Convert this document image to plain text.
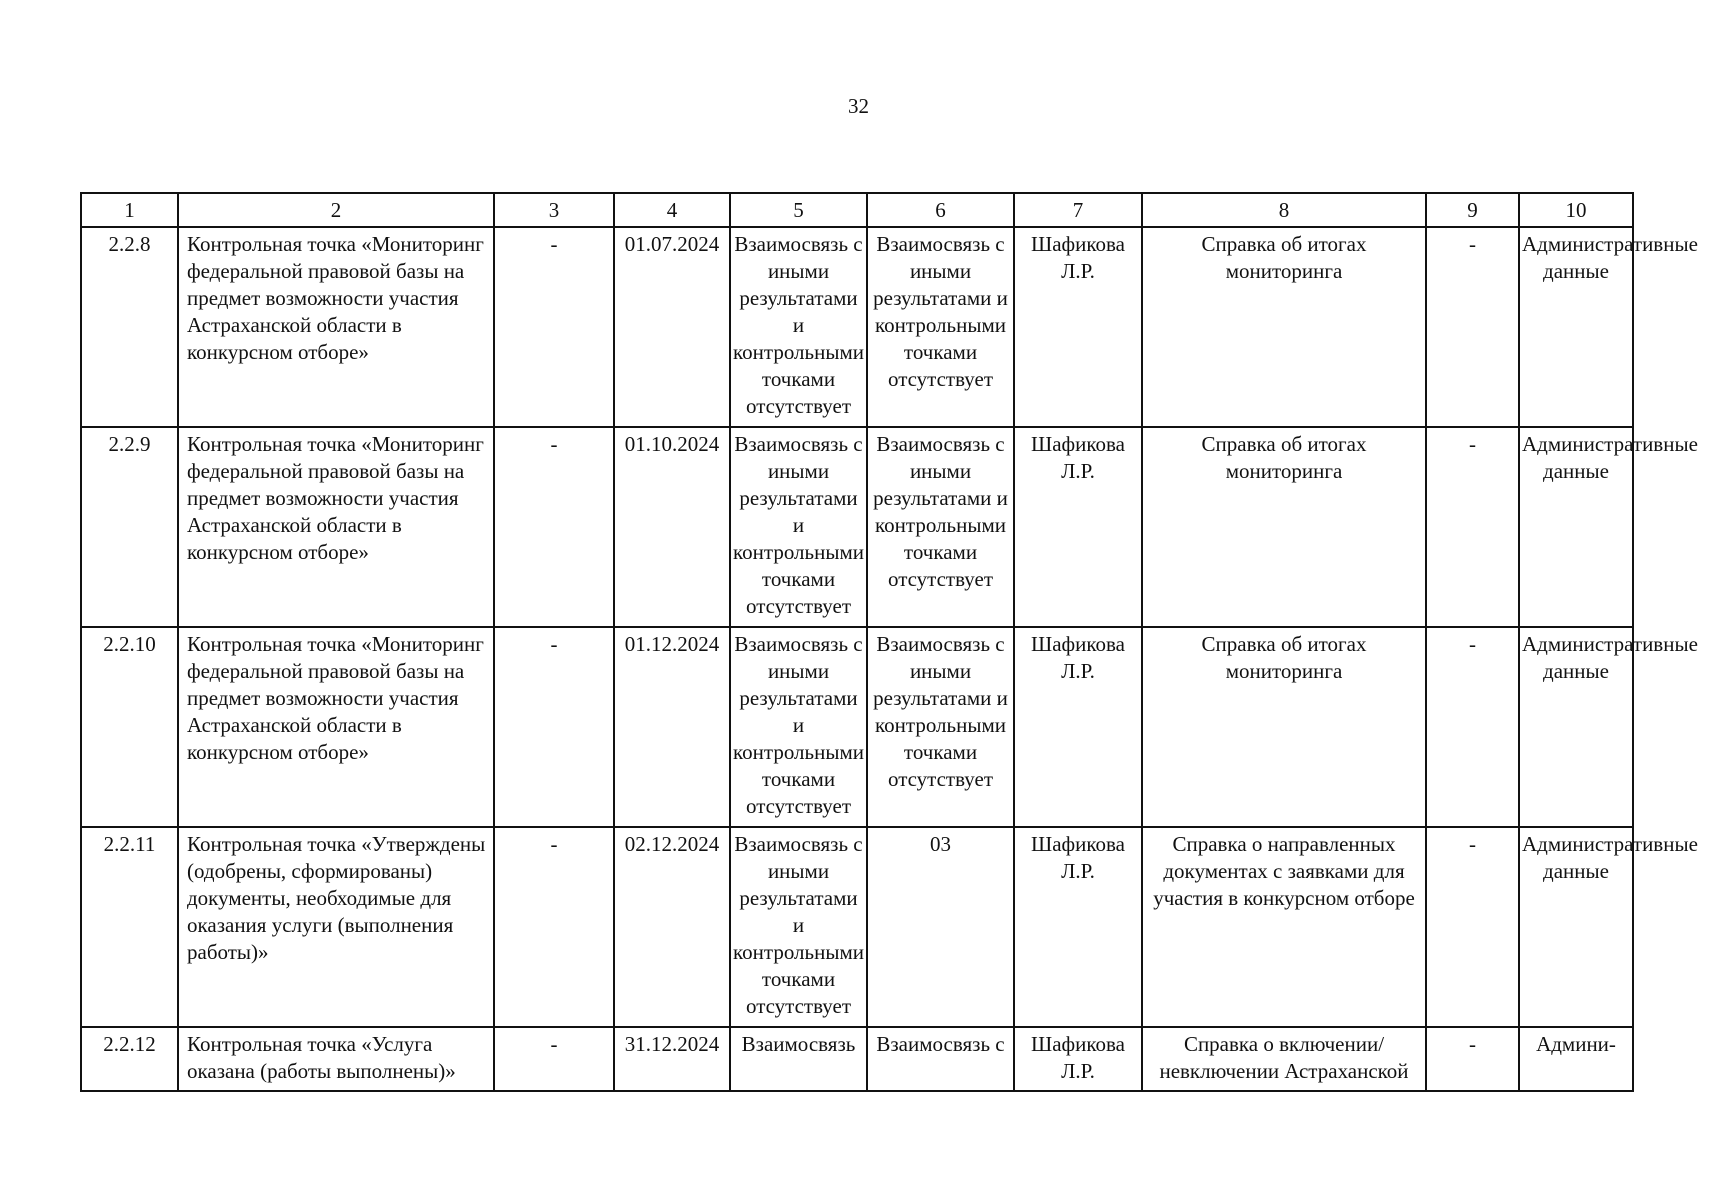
32
1	2	3	4	5	6	7	8	9	10
2.2.8	Контрольная точка «Мониторинг федеральной правовой базы на предмет возможности участия Астраханской области в конкурсном отборе»	-	01.07.2024	Взаимосвязь с иными результатами и контрольными точками отсутствует	Взаимосвязь с иными результатами и контрольными точками отсутствует	Шафикова Л.Р.	Справка об итогах мониторинга	-	Административные данные
2.2.9	Контрольная точка «Мониторинг федеральной правовой базы на предмет возможности участия Астраханской области в конкурсном отборе»	-	01.10.2024	Взаимосвязь с иными результатами и контрольными точками отсутствует	Взаимосвязь с иными результатами и контрольными точками отсутствует	Шафикова Л.Р.	Справка об итогах мониторинга	-	Административные данные
2.2.10	Контрольная точка «Мониторинг федеральной правовой базы на предмет возможности участия Астраханской области в конкурсном отборе»	-	01.12.2024	Взаимосвязь с иными результатами и контрольными точками отсутствует	Взаимосвязь с иными результатами и контрольными точками отсутствует	Шафикова Л.Р.	Справка об итогах мониторинга	-	Административные данные
2.2.11	Контрольная точка «Утверждены (одобрены, сформированы) документы, необходимые для оказания услуги (выполнения работы)»	-	02.12.2024	Взаимосвязь с иными результатами и контрольными точками отсутствует	03	Шафикова Л.Р.	Справка о направленных документах с заявками для участия в конкурсном отборе	-	Административные данные
2.2.12	Контрольная точка «Услуга оказана (работы выполнены)»	-	31.12.2024	Взаимосвязь	Взаимосвязь с	Шафикова Л.Р.	Справка о включении/ невключении Астраханской	-	Админи-
